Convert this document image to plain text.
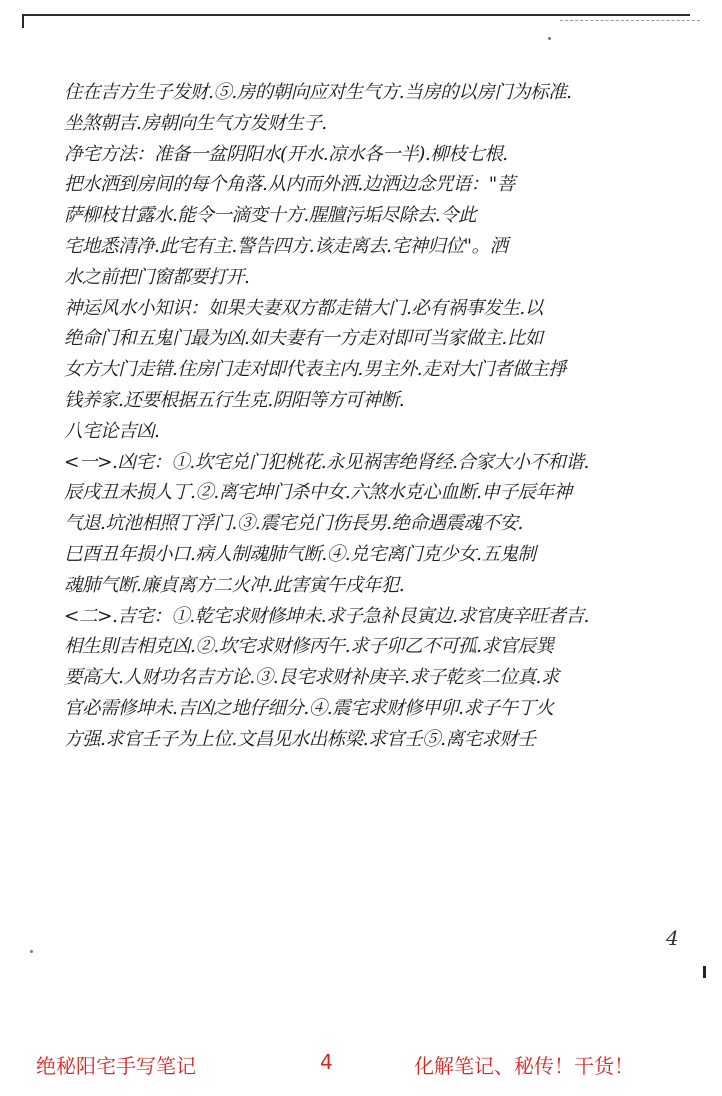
住在吉方生子发财.⑤.房的朝向应对生气方.当房的以房门为标准.
坐煞朝吉.房朝向生气方发财生子.
净宅方法：准备一盆阴阳水(开水.凉水各一半).柳枝七根.
把水洒到房间的每个角落.从内而外洒.边洒边念咒语："菩
萨柳枝甘露水.能令一滴变十方.腥膻污垢尽除去.令此
宅地悉清净.此宅有主.警告四方.该走离去.宅神归位"。洒
水之前把门窗都要打开.
神运风水小知识：如果夫妻双方都走错大门.必有祸事发生.以
绝命门和五鬼门最为凶.如夫妻有一方走对即可当家做主.比如
女方大门走错.住房门走对即代表主内.男主外.走对大门者做主掙
钱养家.还要根据五行生克.阴阳等方可神断.
八宅论吉凶.
<一>.凶宅：①.坎宅兑门犯桃花.永见祸害绝肾经.合家大小不和谐.
辰戌丑未损人丁.②.离宅坤门杀中女.六煞水克心血断.申子辰年神
气退.坑池相照丁浮门.③.震宅兑门伤長男.绝命遇震魂不安.
巳酉丑年损小口.病人制魂肺气断.④.兑宅离门克少女.五鬼制
魂肺气断.廉貞离方二火冲.此害寅午戌年犯.
<二>.吉宅：①.乾宅求财修坤未.求子急补艮寅边.求官庚辛旺者吉.
相生則吉相克凶.②.坎宅求财修丙午.求子卯乙不可孤.求官辰巽
要高大.人财功名吉方论.③.艮宅求财补庚辛.求子乾亥二位真.求
官必需修坤未.吉凶之地仔细分.④.震宅求财修甲卯.求子午丁火
方强.求官壬子为上位.文昌见水出栋梁.求官壬⑤.离宅求财壬
4
绝秘阳宅手写笔记	4	化解笔记、秘传！干货！
